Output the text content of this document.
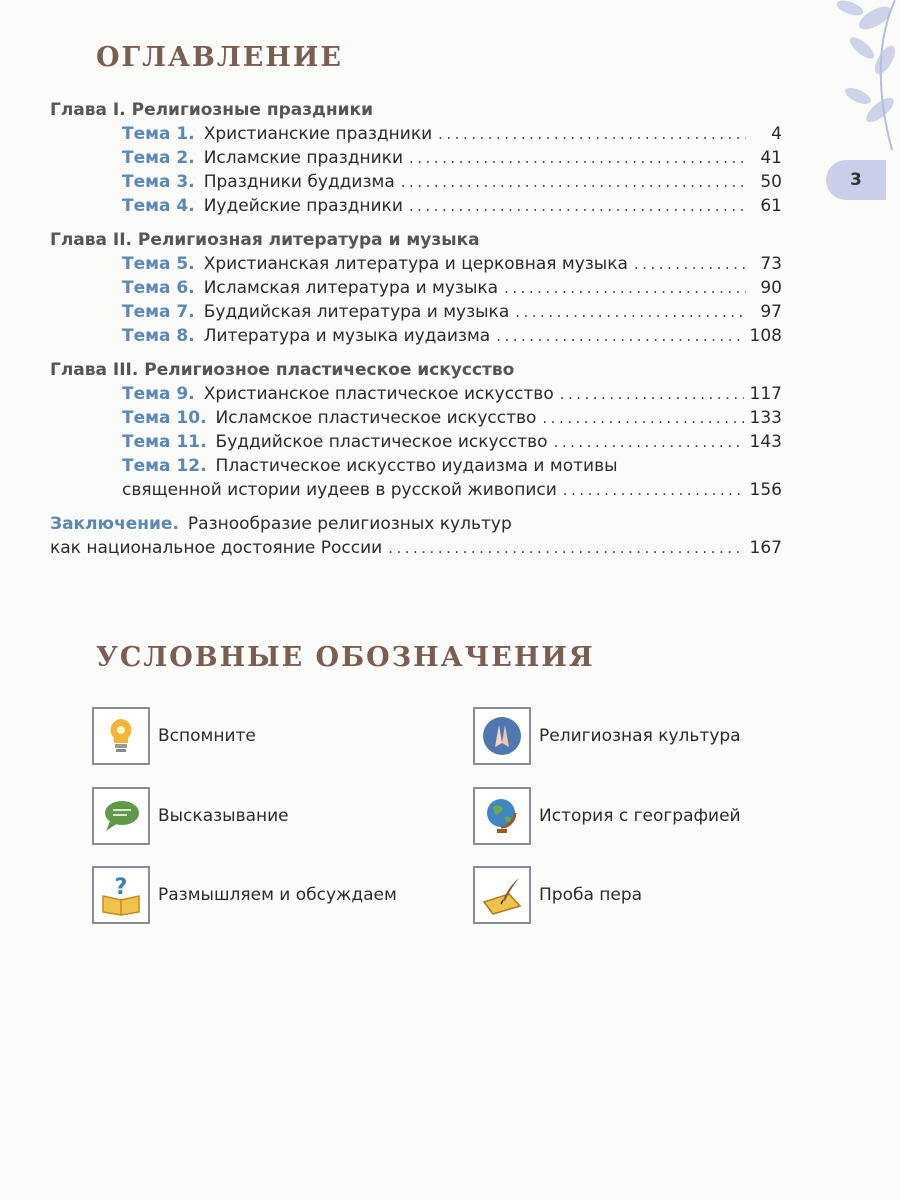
3
ОГЛАВЛЕНИЕ
Глава I. Религиозные праздники
Тема 1. Христианские праздники .....	4
Тема 2. Исламские праздники .....	41
Тема 3. Праздники буддизма .....	50
Тема 4. Иудейские праздники .....	61
Глава II. Религиозная литература и музыка
Тема 5. Христианская литература и церковная музыка .....	73
Тема 6. Исламская литература и музыка .....	90
Тема 7. Буддийская литература и музыка .....	97
Тема 8. Литература и музыка иудаизма .....	108
Глава III. Религиозное пластическое искусство
Тема 9. Христианское пластическое искусство .....	117
Тема 10. Исламское пластическое искусство .....	133
Тема 11. Буддийское пластическое искусство .....	143
Тема 12. Пластическое искусство иудаизма и мотивы
священной истории иудеев в русской живописи .....	156
Заключение. Разнообразие религиозных культур
как национальное достояние России .....	167
УСЛОВНЫЕ ОБОЗНАЧЕНИЯ
Вспомните
Высказывание
? Размышляем и обсуждаем
Религиозная культура
История с географией
Проба пера
